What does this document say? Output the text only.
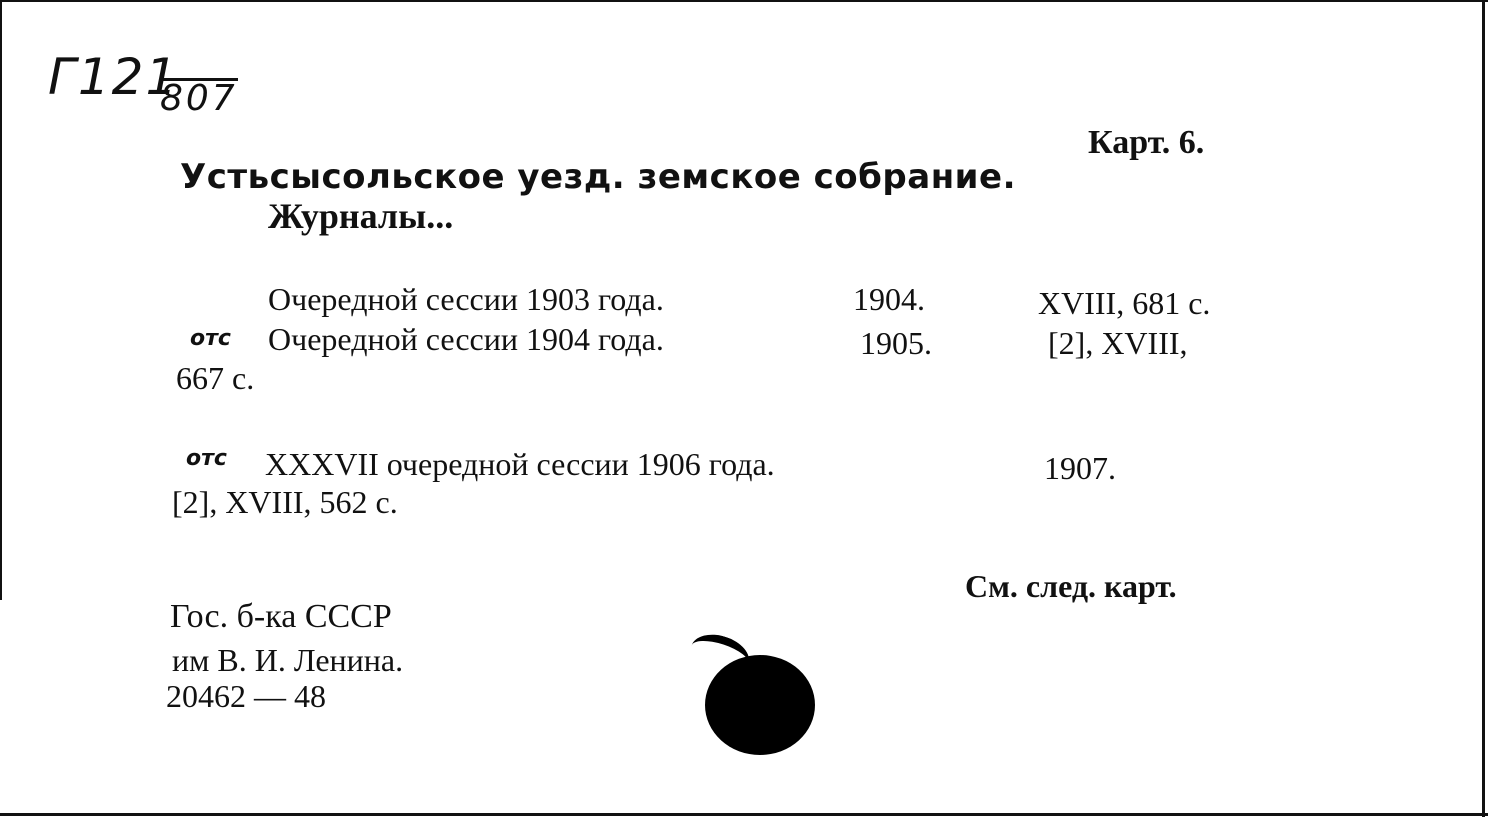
Г121
807
Карт. 6.
Устьсысольское уезд. земское собрание.
Журналы...
Очередной сессии 1903 года.	1904.	XVIII, 681 с.
отс Очередной сессии 1904 года.	1905.	[2], XVIII,
667 с.
отс XXXVII очередной сессии 1906 года.	1907.
[2], XVIII, 562 с.
См. след. карт.
Гос. б-ка СССР
им В. И. Ленина.
20462 — 48
